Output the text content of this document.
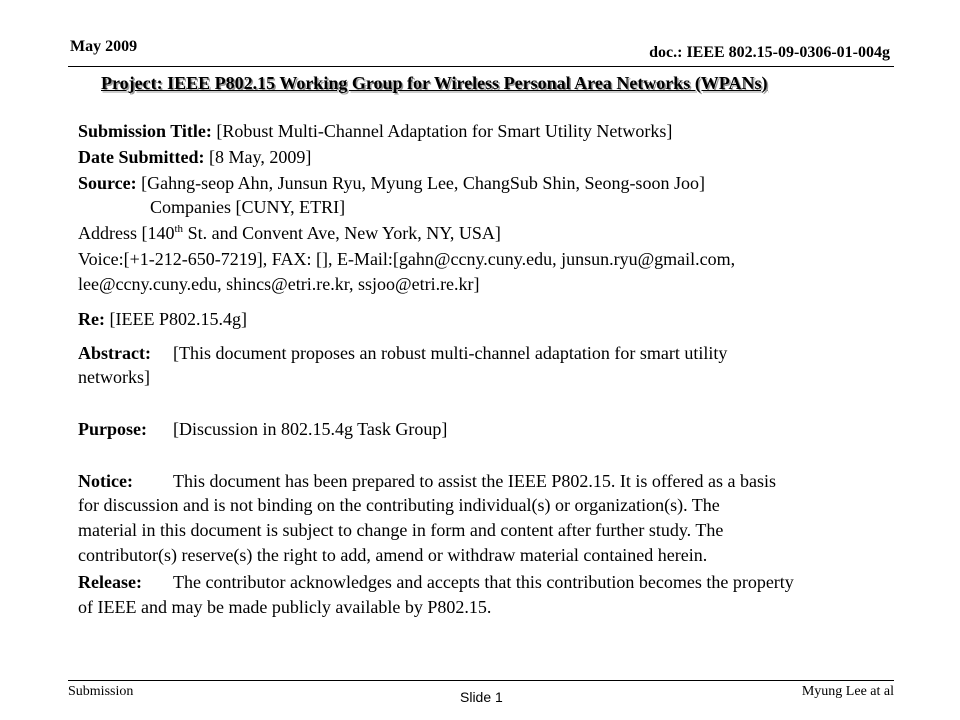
May 2009	doc.: IEEE 802.15-09-0306-01-004g
Project: IEEE P802.15 Working Group for Wireless Personal Area Networks (WPANs)
Submission Title: [Robust Multi-Channel Adaptation for Smart Utility Networks]
Date Submitted: [8 May, 2009]
Source: [Gahng-seop Ahn, Junsun Ryu, Myung Lee, ChangSub Shin, Seong-soon Joo]
Companies [CUNY, ETRI]
Address [140th St. and Convent Ave, New York, NY, USA]
Voice:[+1-212-650-7219], FAX: [], E-Mail:[gahn@ccny.cuny.edu, junsun.ryu@gmail.com,
lee@ccny.cuny.edu, shincs@etri.re.kr, ssjoo@etri.re.kr]
Re: [IEEE P802.15.4g]
Abstract: [This document proposes an robust multi-channel adaptation for smart utility
networks]
Purpose: [Discussion in 802.15.4g Task Group]
Notice: This document has been prepared to assist the IEEE P802.15. It is offered as a basis
for discussion and is not binding on the contributing individual(s) or organization(s). The
material in this document is subject to change in form and content after further study. The
contributor(s) reserve(s) the right to add, amend or withdraw material contained herein.
Release: The contributor acknowledges and accepts that this contribution becomes the property
of IEEE and may be made publicly available by P802.15.
Submission	Slide 1	Myung Lee at al
